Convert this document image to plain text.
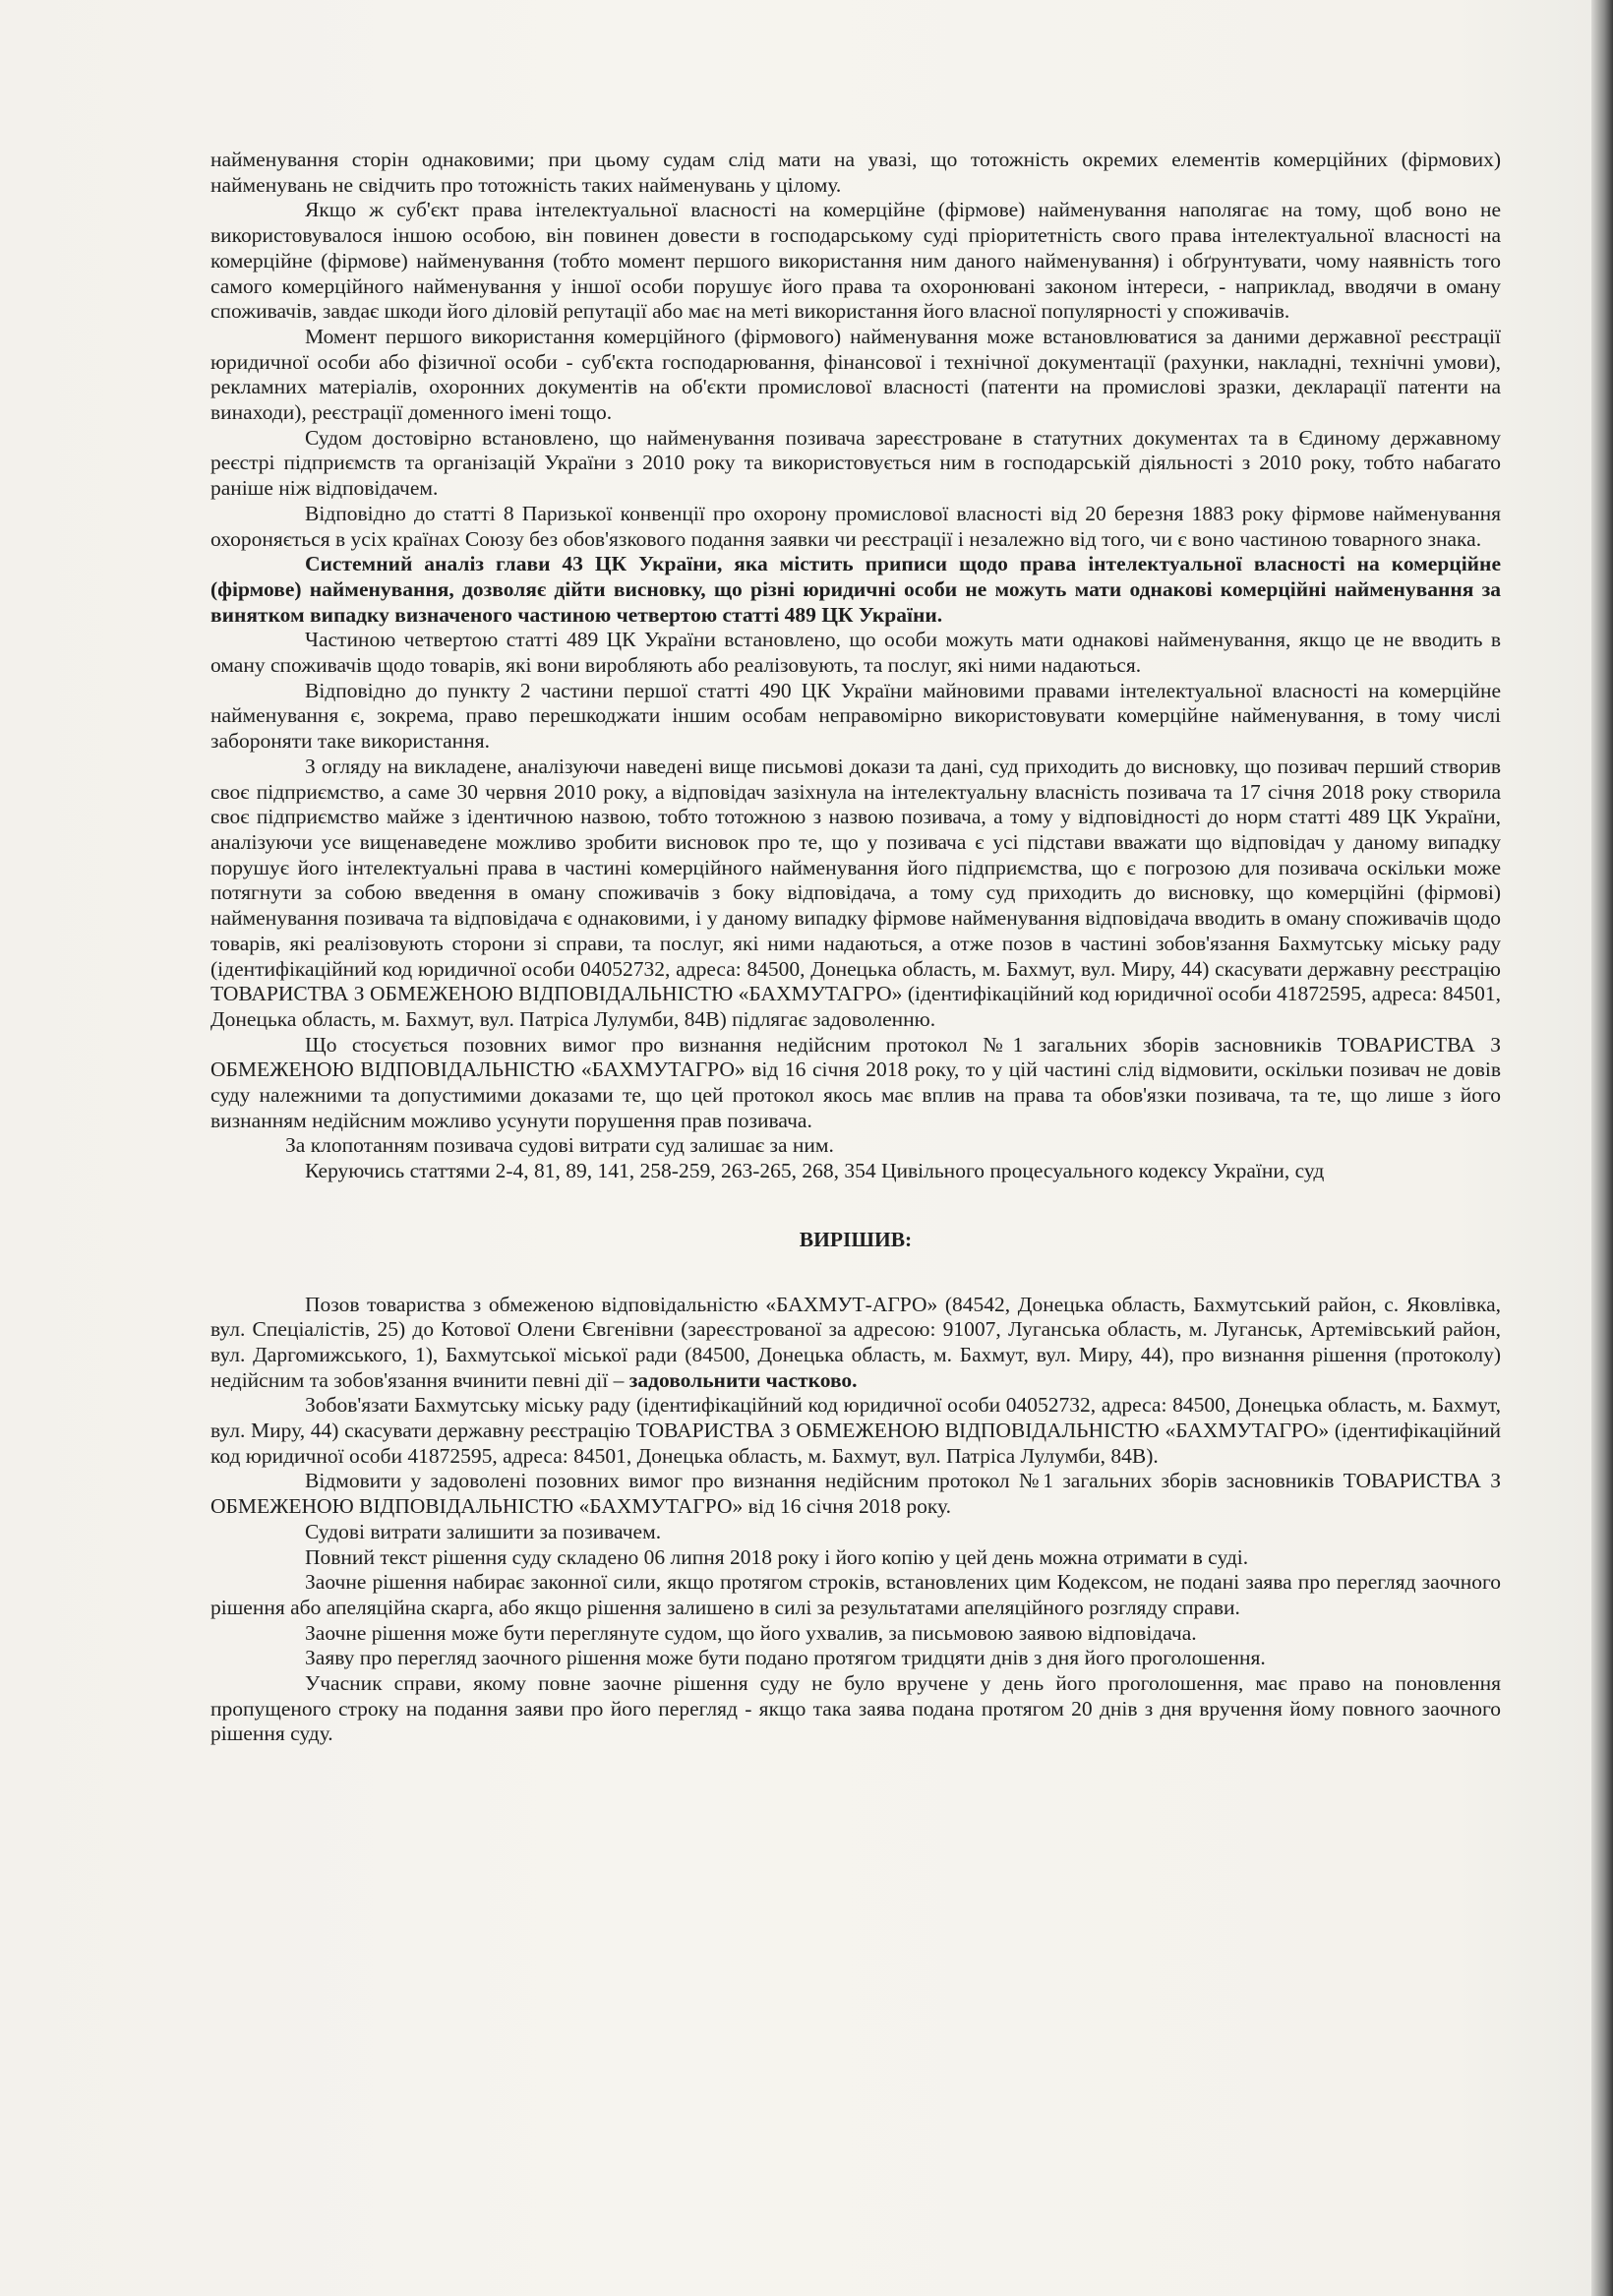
найменування сторін однаковими; при цьому судам слід мати на увазі, що тотожність окремих елементів комерційних (фірмових) найменувань не свідчить про тотожність таких найменувань у цілому.

Якщо ж суб'єкт права інтелектуальної власності на комерційне (фірмове) найменування наполягає на тому, щоб воно не використовувалося іншою особою, він повинен довести в господарському суді пріоритетність свого права інтелектуальної власності на комерційне (фірмове) найменування (тобто момент першого використання ним даного найменування) і обґрунтувати, чому наявність того самого комерційного найменування у іншої особи порушує його права та охоронювані законом інтереси, - наприклад, вводячи в оману споживачів, завдає шкоди його діловій репутації або має на меті використання його власної популярності у споживачів.

Момент першого використання комерційного (фірмового) найменування може встановлюватися за даними державної реєстрації юридичної особи або фізичної особи - суб'єкта господарювання, фінансової і технічної документації (рахунки, накладні, технічні умови), рекламних матеріалів, охоронних документів на об'єкти промислової власності (патенти на промислові зразки, декларації патенти на винаходи), реєстрації доменного імені тощо.

Судом достовірно встановлено, що найменування позивача зареєстроване в статутних документах та в Єдиному державному реєстрі підприємств та організацій України з 2010 року та використовується ним в господарській діяльності з 2010 року, тобто набагато раніше ніж відповідачем.

Відповідно до статті 8 Паризької конвенції про охорону промислової власності від 20 березня 1883 року фірмове найменування охороняється в усіх країнах Союзу без обов'язкового подання заявки чи реєстрації і незалежно від того, чи є воно частиною товарного знака.

Системний аналіз глави 43 ЦК України, яка містить приписи щодо права інтелектуальної власності на комерційне (фірмове) найменування, дозволяє дійти висновку, що різні юридичні особи не можуть мати однакові комерційні найменування за винятком випадку визначеного частиною четвертою статті 489 ЦК України.

Частиною четвертою статті 489 ЦК України встановлено, що особи можуть мати однакові найменування, якщо це не вводить в оману споживачів щодо товарів, які вони виробляють або реалізовують, та послуг, які ними надаються.

Відповідно до пункту 2 частини першої статті 490 ЦК України майновими правами інтелектуальної власності на комерційне найменування є, зокрема, право перешкоджати іншим особам неправомірно використовувати комерційне найменування, в тому числі забороняти таке використання.

З огляду на викладене, аналізуючи наведені вище письмові докази та дані, суд приходить до висновку, що позивач перший створив своє підприємство, а саме 30 червня 2010 року, а відповідач зазіхнула на інтелектуальну власність позивача та 17 січня 2018 року створила своє підприємство майже з ідентичною назвою, тобто тотожною з назвою позивача, а тому у відповідності до норм статті 489 ЦК України, аналізуючи усе вищенаведене можливо зробити висновок про те, що у позивача є усі підстави вважати що відповідач у даному випадку порушує його інтелектуальні права в частині комерційного найменування його підприємства, що є погрозою для позивача оскільки може потягнути за собою введення в оману споживачів з боку відповідача, а тому суд приходить до висновку, що комерційні (фірмові) найменування позивача та відповідача є однаковими, і у даному випадку фірмове найменування відповідача вводить в оману споживачів щодо товарів, які реалізовують сторони зі справи, та послуг, які ними надаються, а отже позов в частині зобов'язання Бахмутську міську раду (ідентифікаційний код юридичної особи 04052732, адреса: 84500, Донецька область, м. Бахмут, вул. Миру, 44) скасувати державну реєстрацію ТОВАРИСТВА З ОБМЕЖЕНОЮ ВІДПОВІДАЛЬНІСТЮ «БАХМУТАГРО» (ідентифікаційний код юридичної особи 41872595, адреса: 84501, Донецька область, м. Бахмут, вул. Патріса Лулумби, 84В) підлягає задоволенню.

Що стосується позовних вимог про визнання недійсним протокол №1 загальних зборів засновників ТОВАРИСТВА З ОБМЕЖЕНОЮ ВІДПОВІДАЛЬНІСТЮ «БАХМУТАГРО» від 16 січня 2018 року, то у цій частині слід відмовити, оскільки позивач не довів суду належними та допустимими доказами те, що цей протокол якось має вплив на права та обов'язки позивача, та те, що лише з його визнанням недійсним можливо усунути порушення прав позивача.

За клопотанням позивача судові витрати суд залишає за ним.

Керуючись статтями 2-4, 81, 89, 141, 258-259, 263-265, 268, 354 Цивільного процесуального кодексу України, суд

ВИРІШИВ:

Позов товариства з обмеженою відповідальністю «БАХМУТ-АГРО» (84542, Донецька область, Бахмутський район, с. Яковлівка, вул. Спеціалістів, 25) до Котової Олени Євгенівни (зареєстрованої за адресою: 91007, Луганська область, м. Луганськ, Артемівський район, вул. Даргомижського, 1), Бахмутської міської ради (84500, Донецька область, м. Бахмут, вул. Миру, 44), про визнання рішення (протоколу) недійсним та зобов'язання вчинити певні дії – задовольнити частково.

Зобов'язати Бахмутську міську раду (ідентифікаційний код юридичної особи 04052732, адреса: 84500, Донецька область, м. Бахмут, вул. Миру, 44) скасувати державну реєстрацію ТОВАРИСТВА З ОБМЕЖЕНОЮ ВІДПОВІДАЛЬНІСТЮ «БАХМУТАГРО» (ідентифікаційний код юридичної особи 41872595, адреса: 84501, Донецька область, м. Бахмут, вул. Патріса Лулумби, 84В).

Відмовити у задоволені позовних вимог про визнання недійсним протокол №1 загальних зборів засновників ТОВАРИСТВА З ОБМЕЖЕНОЮ ВІДПОВІДАЛЬНІСТЮ «БАХМУТАГРО» від 16 січня 2018 року.

Судові витрати залишити за позивачем.

Повний текст рішення суду складено 06 липня 2018 року і його копію у цей день можна отримати в суді.

Заочне рішення набирає законної сили, якщо протягом строків, встановлених цим Кодексом, не подані заява про перегляд заочного рішення або апеляційна скарга, або якщо рішення залишено в силі за результатами апеляційного розгляду справи.

Заочне рішення може бути переглянуте судом, що його ухвалив, за письмовою заявою відповідача.

Заяву про перегляд заочного рішення може бути подано протягом тридцяти днів з дня його проголошення.

Учасник справи, якому повне заочне рішення суду не було вручене у день його проголошення, має право на поновлення пропущеного строку на подання заяви про його перегляд - якщо така заява подана протягом 20 днів з дня вручення йому повного заочного рішення суду.
